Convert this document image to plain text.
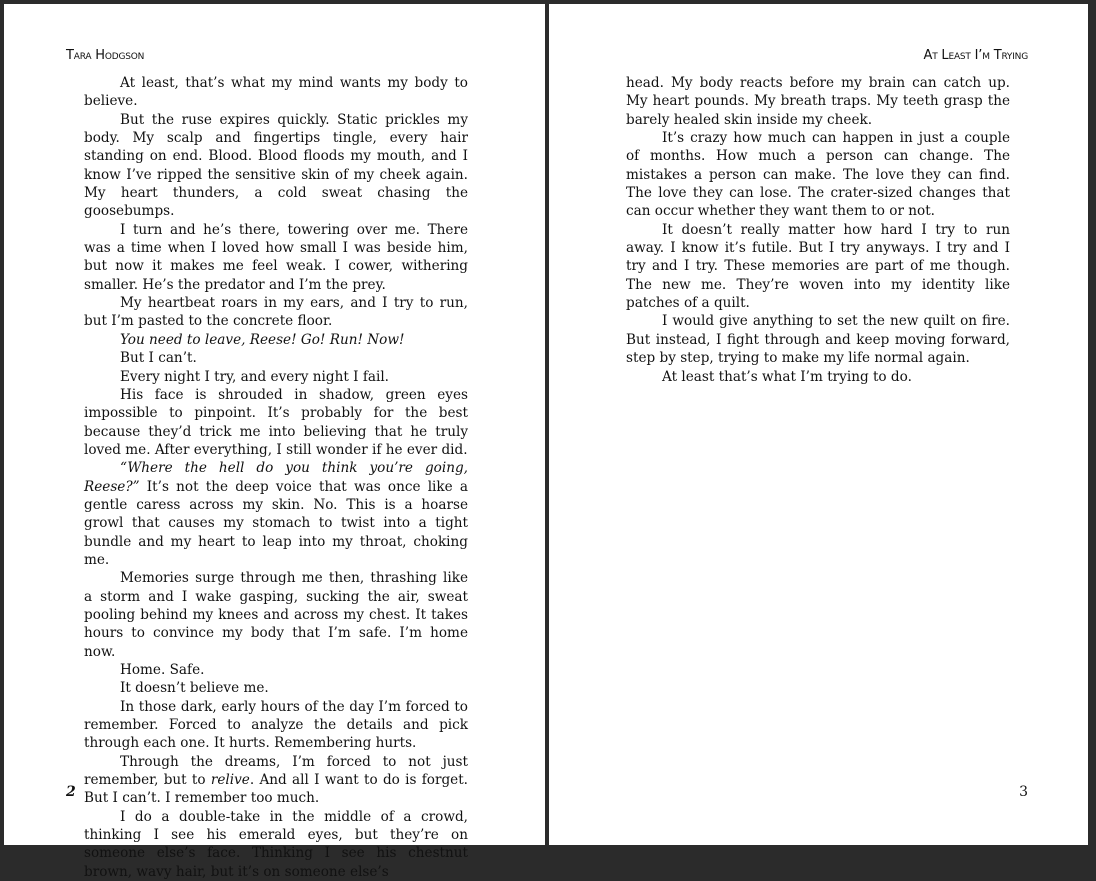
Tara Hodgson

At least, that’s what my mind wants my body to believe.

But the ruse expires quickly. Static prickles my body. My scalp and fingertips tingle, every hair standing on end. Blood. Blood floods my mouth, and I know I’ve ripped the sensitive skin of my cheek again. My heart thunders, a cold sweat chasing the goosebumps.

I turn and he’s there, towering over me. There was a time when I loved how small I was beside him, but now it makes me feel weak. I cower, withering smaller. He’s the predator and I’m the prey.

My heartbeat roars in my ears, and I try to run, but I’m pasted to the concrete floor.

You need to leave, Reese! Go! Run! Now!

But I can’t.

Every night I try, and every night I fail.

His face is shrouded in shadow, green eyes impossible to pinpoint. It’s probably for the best because they’d trick me into believing that he truly loved me. After everything, I still wonder if he ever did.

“Where the hell do you think you’re going, Reese?” It’s not the deep voice that was once like a gentle caress across my skin. No. This is a hoarse growl that causes my stomach to twist into a tight bundle and my heart to leap into my throat, choking me.

Memories surge through me then, thrashing like a storm and I wake gasping, sucking the air, sweat pooling behind my knees and across my chest. It takes hours to convince my body that I’m safe. I’m home now.

Home. Safe.

It doesn’t believe me.

In those dark, early hours of the day I’m forced to remember. Forced to analyze the details and pick through each one. It hurts. Remembering hurts.

Through the dreams, I’m forced to not just remember, but to relive. And all I want to do is forget. But I can’t. I remember too much.

I do a double-take in the middle of a crowd, thinking I see his emerald eyes, but they’re on someone else’s face. Thinking I see his chestnut brown, wavy hair, but it’s on someone else’s

2
At Least I’m Trying

head. My body reacts before my brain can catch up. My heart pounds. My breath traps. My teeth grasp the barely healed skin inside my cheek.

It’s crazy how much can happen in just a couple of months. How much a person can change. The mistakes a person can make. The love they can find. The love they can lose. The crater-sized changes that can occur whether they want them to or not.

It doesn’t really matter how hard I try to run away. I know it’s futile. But I try anyways. I try and I try and I try. These memories are part of me though. The new me. They’re woven into my identity like patches of a quilt.

I would give anything to set the new quilt on fire. But instead, I fight through and keep moving forward, step by step, trying to make my life normal again.

At least that’s what I’m trying to do.

3
